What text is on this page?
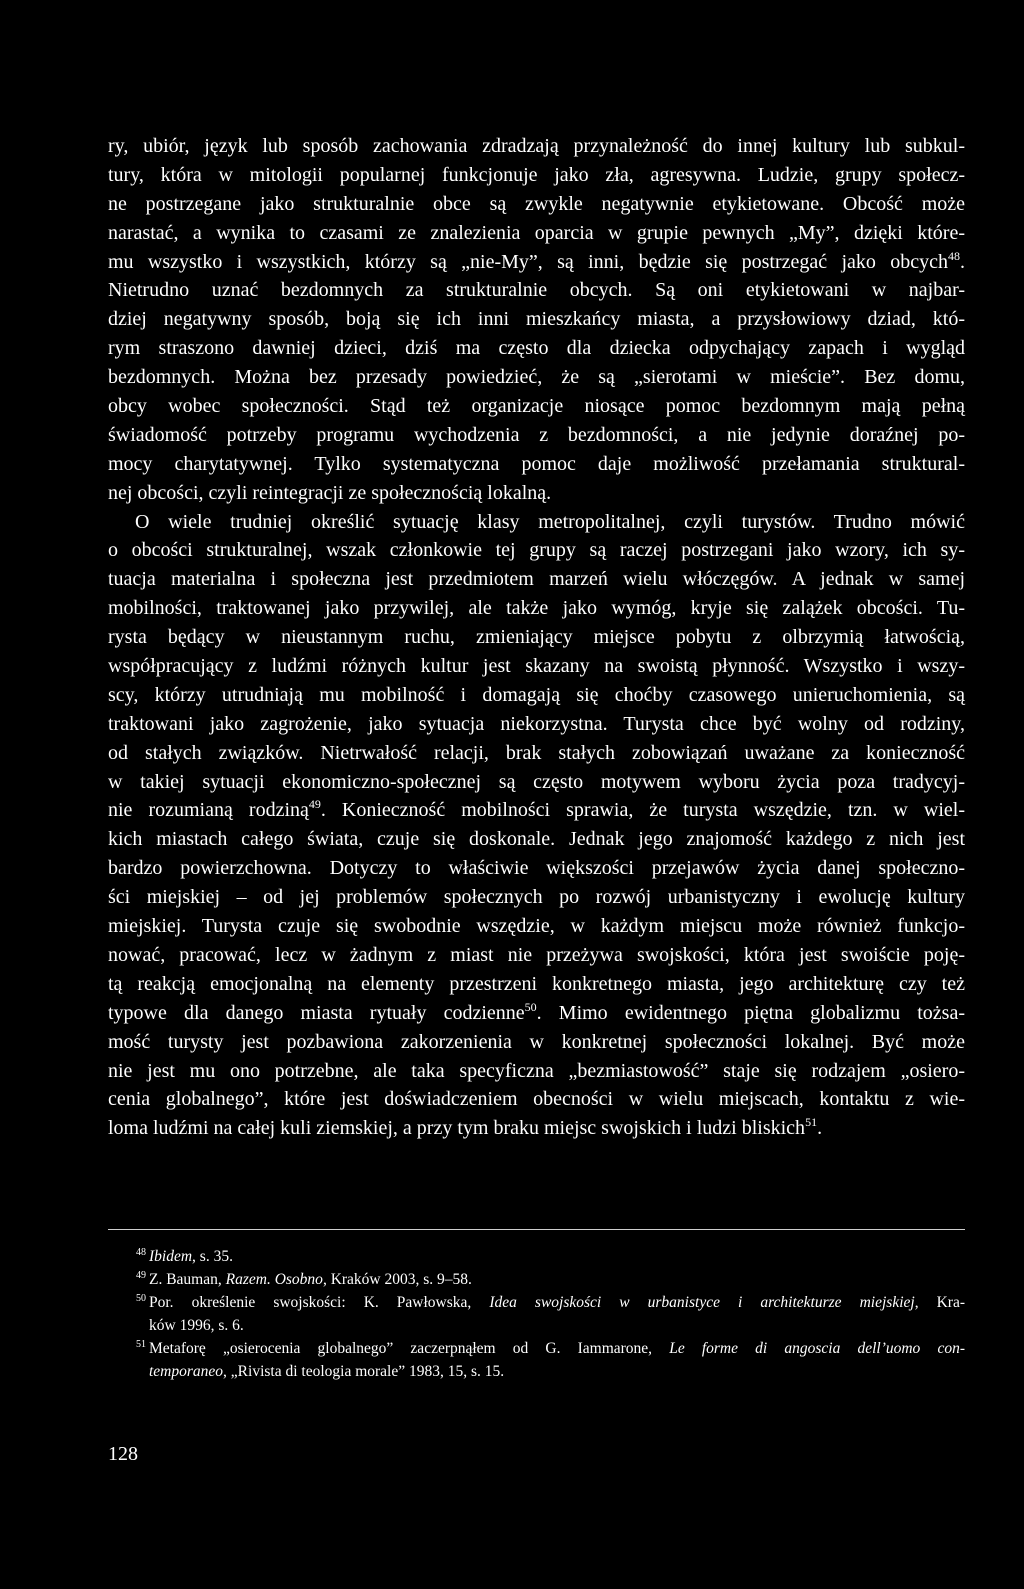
ry, ubiór, język lub sposób zachowania zdradzają przynależność do innej kultury lub subkul-
tury, która w mitologii popularnej funkcjonuje jako zła, agresywna. Ludzie, grupy społecz-
ne postrzegane jako strukturalnie obce są zwykle negatywnie etykietowane. Obcość może
narastać, a wynika to czasami ze znalezienia oparcia w grupie pewnych „My”, dzięki które-
mu wszystko i wszystkich, którzy są „nie-My”, są inni, będzie się postrzegać jako obcych$^{48}$.
Nietrudno uznać bezdomnych za strukturalnie obcych. Są oni etykietowani w najbar-
dziej negatywny sposób, boją się ich inni mieszkańcy miasta, a przysłowiowy dziad, któ-
rym straszono dawniej dzieci, dziś ma często dla dziecka odpychający zapach i wygląd
bezdomnych. Można bez przesady powiedzieć, że są „sierotami w mieście”. Bez domu,
obcy wobec społeczności. Stąd też organizacje niosące pomoc bezdomnym mają pełną
świadomość potrzeby programu wychodzenia z bezdomności, a nie jedynie doraźnej po-
mocy charytatywnej. Tylko systematyczna pomoc daje możliwość przełamania struktural-
nej obcości, czyli reintegracji ze społecznością lokalną.
O wiele trudniej określić sytuację klasy metropolitalnej, czyli turystów. Trudno mówić
o obcości strukturalnej, wszak członkowie tej grupy są raczej postrzegani jako wzory, ich sy-
tuacja materialna i społeczna jest przedmiotem marzeń wielu włóczęgów. A jednak w samej
mobilności, traktowanej jako przywilej, ale także jako wymóg, kryje się zalążek obcości. Tu-
rysta będący w nieustannym ruchu, zmieniający miejsce pobytu z olbrzymią łatwością,
współpracujący z ludźmi różnych kultur jest skazany na swoistą płynność. Wszystko i wszy-
scy, którzy utrudniają mu mobilność i domagają się choćby czasowego unieruchomienia, są
traktowani jako zagrożenie, jako sytuacja niekorzystna. Turysta chce być wolny od rodziny,
od stałych związków. Nietrwałość relacji, brak stałych zobowiązań uważane za konieczność
w takiej sytuacji ekonomiczno-społecznej są często motywem wyboru życia poza tradycyj-
nie rozumianą rodziną$^{49}$. Konieczność mobilności sprawia, że turysta wszędzie, tzn. w wiel-
kich miastach całego świata, czuje się doskonale. Jednak jego znajomość każdego z nich jest
bardzo powierzchowna. Dotyczy to właściwie większości przejawów życia danej społeczno-
ści miejskiej – od jej problemów społecznych po rozwój urbanistyczny i ewolucję kultury
miejskiej. Turysta czuje się swobodnie wszędzie, w każdym miejscu może również funkcjo-
nować, pracować, lecz w żadnym z miast nie przeżywa swojskości, która jest swoiście poję-
tą reakcją emocjonalną na elementy przestrzeni konkretnego miasta, jego architekturę czy też
typowe dla danego miasta rytuały codzienne$^{50}$. Mimo ewidentnego piętna globalizmu tożsa-
mość turysty jest pozbawiona zakorzenienia w konkretnej społeczności lokalnej. Być może
nie jest mu ono potrzebne, ale taka specyficzna „bezmiastowość” staje się rodzajem „osiero-
cenia globalnego”, które jest doświadczeniem obecności w wielu miejscach, kontaktu z wie-
loma ludźmi na całej kuli ziemskiej, a przy tym braku miejsc swojskich i ludzi bliskich$^{51}$.
$^{48}$ Ibidem, s. 35.
$^{49}$ Z. Bauman, Razem. Osobno, Kraków 2003, s. 9–58.
$^{50}$ Por. określenie swojskości: K. Pawłowska, Idea swojskości w urbanistyce i architekturze miejskiej, Kra-
ków 1996, s. 6.
$^{51}$ Metaforę „osierocenia globalnego” zaczerpnąłem od G. Iammarone, Le forme di angoscia dell’uomo con-
temporaneo, „Rivista di teologia morale” 1983, 15, s. 15.
128
